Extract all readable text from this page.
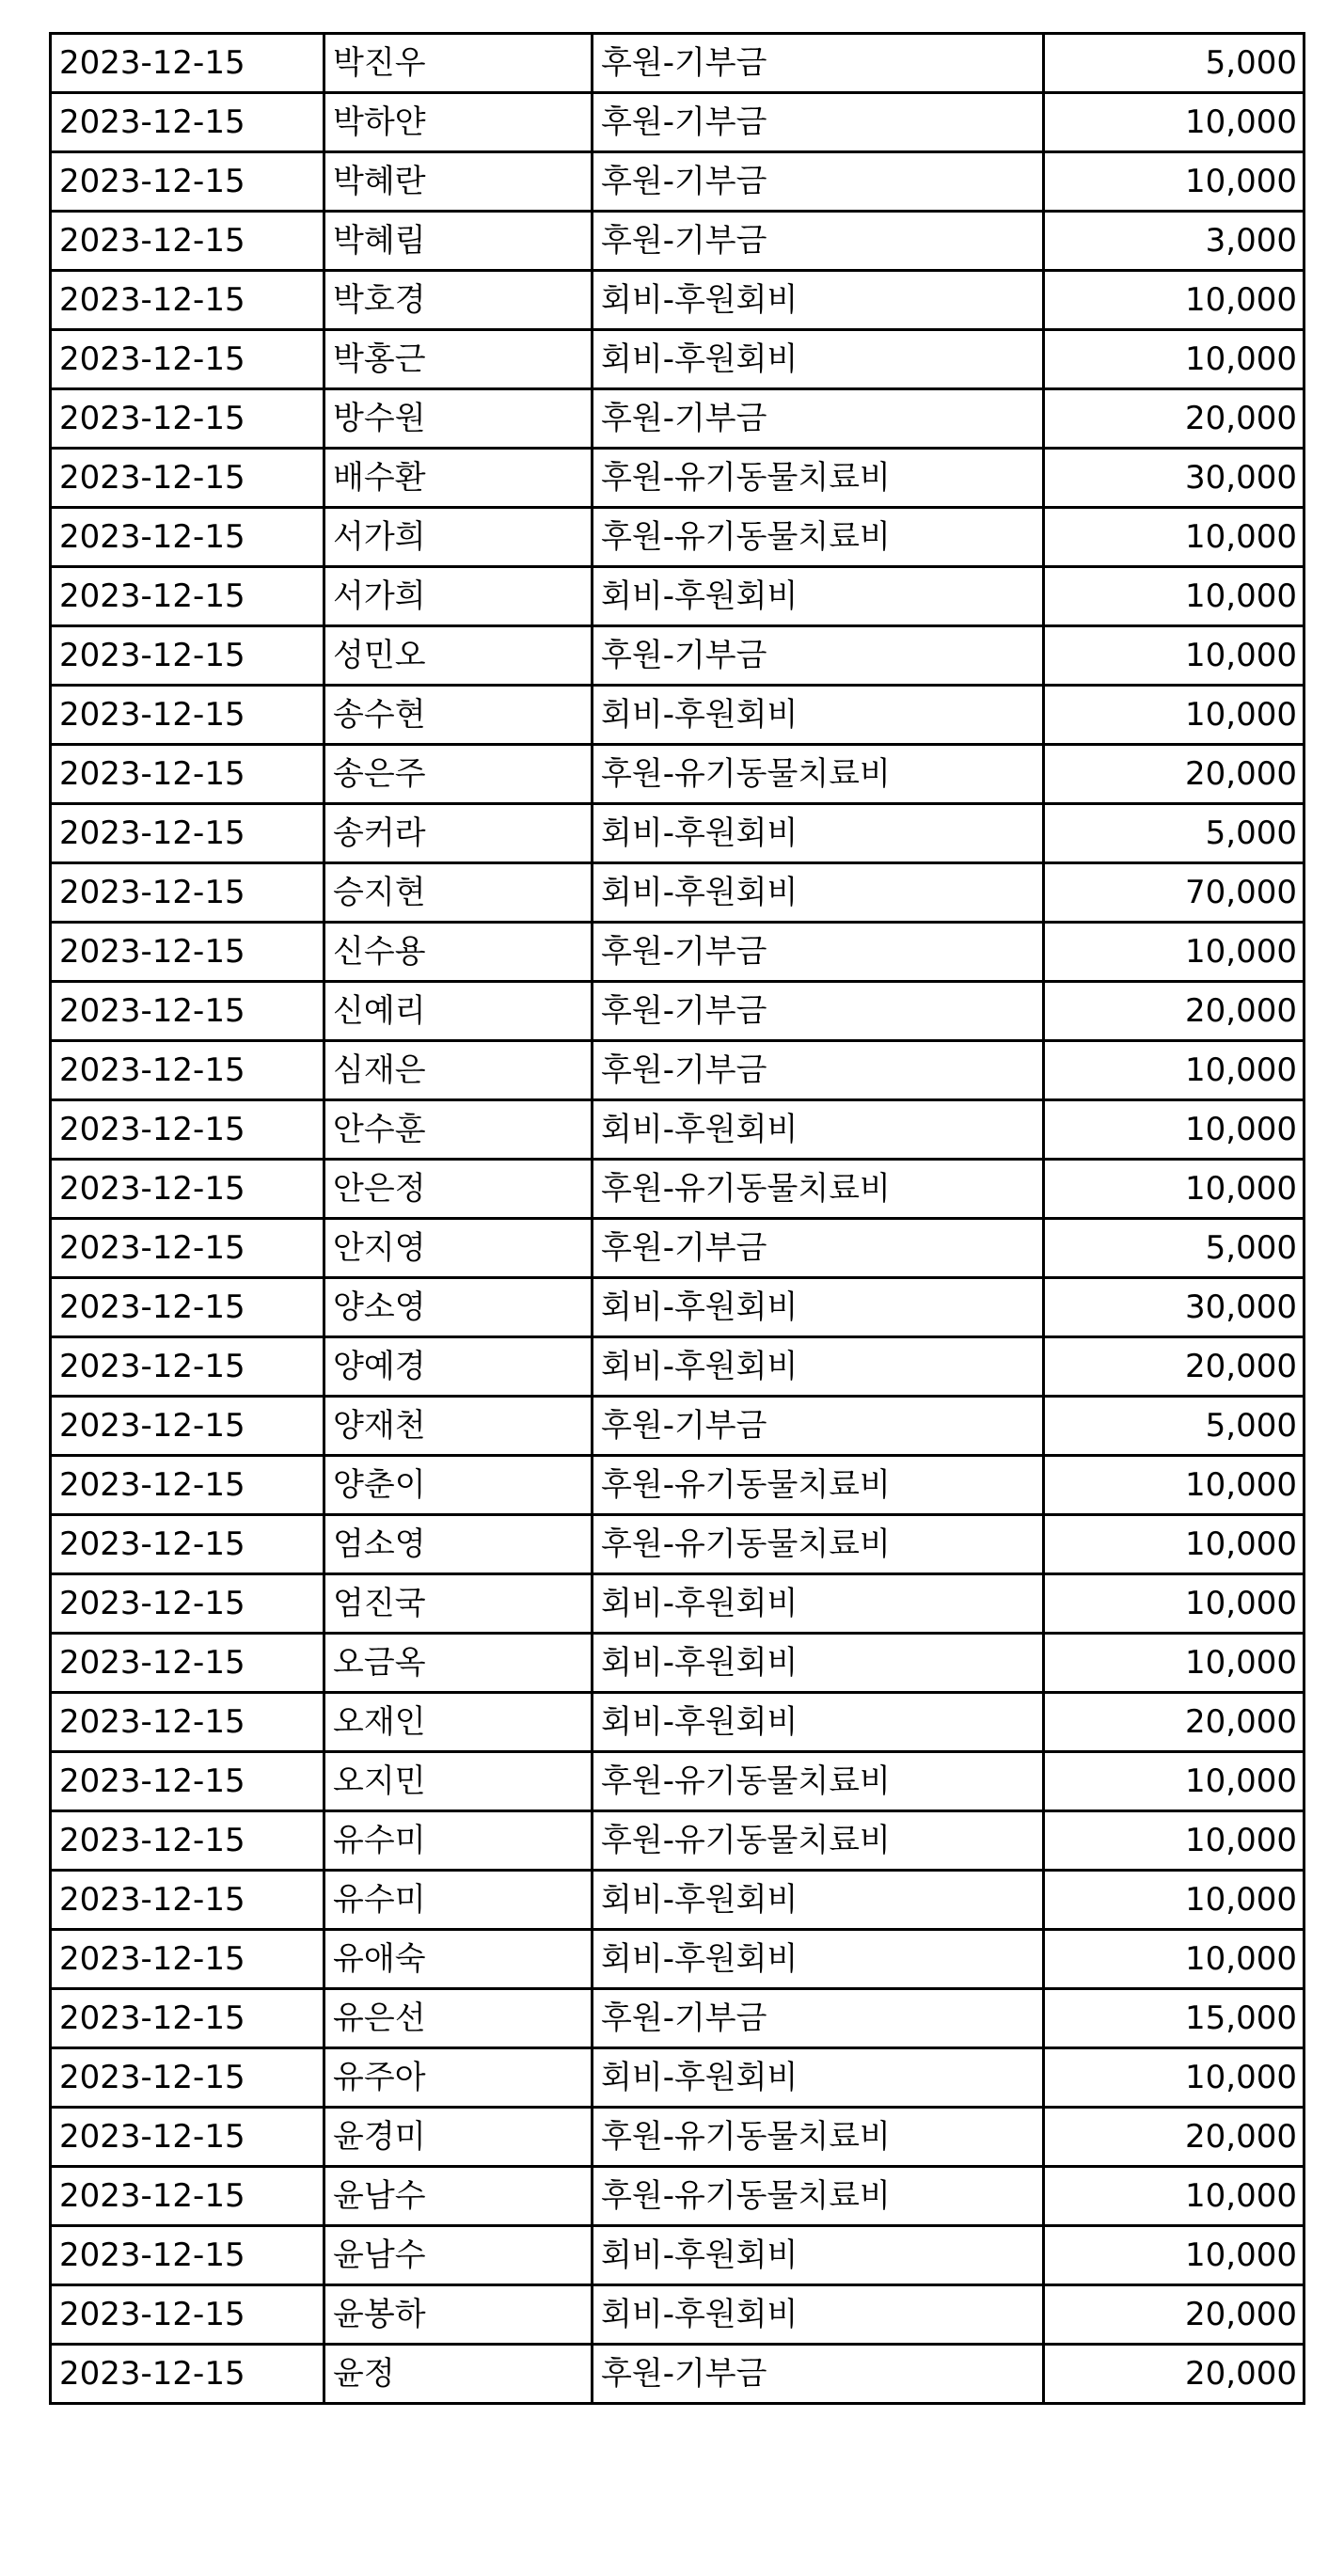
2023-12-15	박진우	후원-기부금	5,000
2023-12-15	박하얀	후원-기부금	10,000
2023-12-15	박혜란	후원-기부금	10,000
2023-12-15	박혜림	후원-기부금	3,000
2023-12-15	박호경	회비-후원회비	10,000
2023-12-15	박홍근	회비-후원회비	10,000
2023-12-15	방수원	후원-기부금	20,000
2023-12-15	배수환	후원-유기동물치료비	30,000
2023-12-15	서가희	후원-유기동물치료비	10,000
2023-12-15	서가희	회비-후원회비	10,000
2023-12-15	성민오	후원-기부금	10,000
2023-12-15	송수현	회비-후원회비	10,000
2023-12-15	송은주	후원-유기동물치료비	20,000
2023-12-15	송커라	회비-후원회비	5,000
2023-12-15	승지현	회비-후원회비	70,000
2023-12-15	신수용	후원-기부금	10,000
2023-12-15	신예리	후원-기부금	20,000
2023-12-15	심재은	후원-기부금	10,000
2023-12-15	안수훈	회비-후원회비	10,000
2023-12-15	안은정	후원-유기동물치료비	10,000
2023-12-15	안지영	후원-기부금	5,000
2023-12-15	양소영	회비-후원회비	30,000
2023-12-15	양예경	회비-후원회비	20,000
2023-12-15	양재천	후원-기부금	5,000
2023-12-15	양춘이	후원-유기동물치료비	10,000
2023-12-15	엄소영	후원-유기동물치료비	10,000
2023-12-15	엄진국	회비-후원회비	10,000
2023-12-15	오금옥	회비-후원회비	10,000
2023-12-15	오재인	회비-후원회비	20,000
2023-12-15	오지민	후원-유기동물치료비	10,000
2023-12-15	유수미	후원-유기동물치료비	10,000
2023-12-15	유수미	회비-후원회비	10,000
2023-12-15	유애숙	회비-후원회비	10,000
2023-12-15	유은선	후원-기부금	15,000
2023-12-15	유주아	회비-후원회비	10,000
2023-12-15	윤경미	후원-유기동물치료비	20,000
2023-12-15	윤남수	후원-유기동물치료비	10,000
2023-12-15	윤남수	회비-후원회비	10,000
2023-12-15	윤봉하	회비-후원회비	20,000
2023-12-15	윤정	후원-기부금	20,000
